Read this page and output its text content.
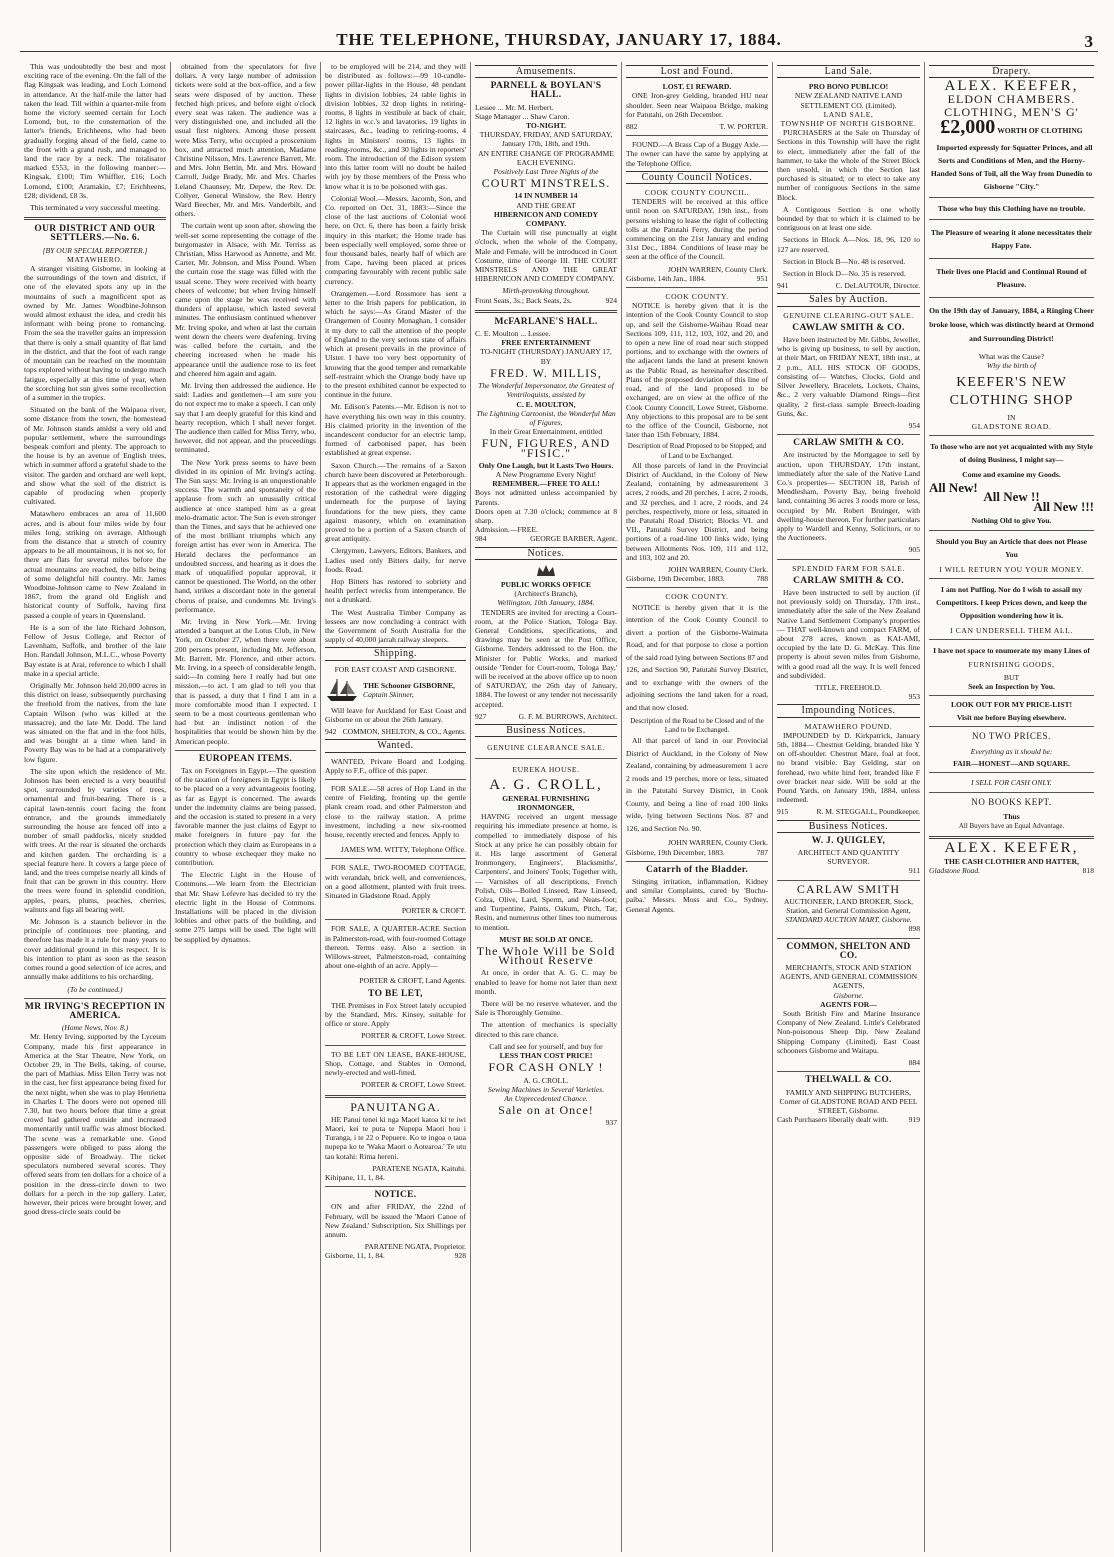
THE TELEPHONE, THURSDAY, JANUARY 17, 1884.	3

This was undoubtedly the best and most exciting race of the evening. On the fall of the flag Kingsak was leading, and Loch Lomond in attendance. At the half-mile the latter had taken the lead. Till within a quarter-mile from home the victory seemed certain for Loch Lomond, but, to the consternation of the latter's friends, Erichheens, who had been gradually forging ahead of the field, came to the front with a grand rush, and managed to land the race by a neck. The totalisator marked £553, in the following manner:—Kingsak, £100; Tim Whiffler, £16; Loch Lomond, £100; Aramakin, £7; Erichheens, £28; dividend, £8 3s.

This terminated a very successful meeting.

OUR DISTRICT AND OUR SETTLERS.—No. 6.
[BY OUR SPECIAL REPORTER.]
MATAWHERO.

A stranger visiting Gisborne, in looking at the surroundings of the town and district, if one of the elevated spots any up in the mountains of such a magnificent spot as owned by Mr. James Woodbine-Johnson would almost exhaust the idea, and credit his informant with being prone to romancing. From the sea the traveller gains an impression that there is only a small quantity of flat land in the district, and that the foot of each range of mountain can be reached on the mountain tops explored without having to undergo much fatigue, especially at this time of year, when the scorching hot sun gives some recollection of a summer in the tropics.

Situated on the bank of the Waipaoa river, some distance from the town, the homestead of Mr. Johnson stands amidst a very old and popular settlement, where the surroundings bespeak comfort and plenty. The approach to the house is by an avenue of English trees, which in summer afford a grateful shade to the visitor. The garden and orchard are well kept, and show what the soil of the district is capable of producing when properly cultivated.

Matawhero embraces an area of 11,600 acres, and is about four miles wide by four miles long, striking on average. Although from the distance that a stretch of country appears to be all mountainous, it is not so, for there are flats for several miles before the actual mountains are reached, the hills being of some delightful hill country. Mr. James Woodbine-Johnson came to New Zealand in 1867, from the grand old English and historical county of Suffolk, having first passed a couple of years in Queensland.

He is a son of the late Richard Johnson, Fellow of Jesus College, and Rector of Lavenham, Suffolk, and brother of the late Hon. Randall Johnson, M.L.C., whose Poverty Bay estate is at Arai, reference to which I shall make in a special article.

Originally Mr. Johnson held 20,000 acres in this district on lease, subsequently purchasing the freehold from the natives, from the late Captain Wilson (who was killed at the massacre), and the late Mr. Dodd. The land was situated on the flat and in the foot hills, and was bought at a time when land in Poverty Bay was to be had at a comparatively low figure.

The site upon which the residence of Mr. Johnson has been erected is a very beautiful spot, surrounded by varieties of trees, ornamental and fruit-bearing. There is a capital lawn-tennis court facing the front entrance, and the grounds immediately surrounding the house are fenced off into a number of small paddocks, nicely studded with trees. At the rear is situated the orchards and kitchen garden. The orcharding is a special feature here. It covers a large piece of land, and the trees comprise nearly all kinds of fruit that can be grown in this country. Here the trees were found in splendid condition, apples, pears, plums, peaches, cherries, walnuts and figs all bearing well.

Mr. Johnson is a staunch believer in the principle of continuous tree planting, and therefore has made it a rule for many years to cover additional ground in this respect. It is his intention to plant as soon as the season comes round a good selection of ice acres, and annually make additions to his orcharding.

(To be continued.)
MR IRVING'S RECEPTION IN AMERICA.
(Home News, Nov. 8.)

Mr. Henry Irving, supported by the Lyceum Company, made his first appearance in America at the Star Theatre, New York, on October 29, in The Bells, taking, of course, the part of Mathias. Miss Ellen Terry was not in the cast, her first appearance being fixed for the next night, when she was to play Henrietta in Charles I. The doors were not opened till 7.30, but two hours before that time a great crowd had gathered outside and increased momentarily until traffic was almost blocked. The scene was a remarkable one. Good passengers were obliged to pass along the opposite side of Broadway. The ticket speculators numbered several scores. They offered seats from ten dollars for a choice of a position in the dress-circle down to two dollars for a perch in the top gallery. Later, however, their prices were brought lower, and good dress-circle seats could be

obtained from the speculators for five dollars. A very large number of admission tickets were sold at the box-office, and a few seats were disposed of by auction. These fetched high prices, and before eight o'clock every seat was taken. The audience was a very distinguished one, and included all the usual first nighters. Among those present were Miss Terry, who occupied a proscenium box, and attracted much attention, Madame Christine Nilsson, Mrs. Lawrence Barrett, Mr. and Mrs. John Bettin, Mr. and Mrs. Howard Carroll, Judge Brady, Mr. and Mrs. Charles Leland Chaunsey, Mr. Depew, the Rev. Dr. Collyer, General Winslow, the Rev. Henry Ward Beecher, Mr. and Mrs. Vanderbilt, and others.

The curtain went up soon after, showing the well-set scene representing the cottage of the burgomaster in Alsace, with Mr. Terriss as Christian, Miss Harwood as Annette, and Mr. Carter, Mr. Johnson, and Miss Pound. When the curtain rose the stage was filled with the usual scene. They were received with hearty cheers of welcome; but when Irving himself came upon the stage he was received with thunders of applause, which lasted several minutes. The enthusiasm continued whenever Mr. Irving spoke, and when at last the curtain went down the cheers were deafening. Irving was called before the curtain, and the cheering increased when he made his appearance until the audience rose to its feet and cheered him again and again.

Mr. Irving then addressed the audience. He said: Ladies and gentlemen—I am sure you do not expect me to make a speech. I can only say that I am deeply grateful for this kind and hearty reception, which I shall never forget. The audience then called for Miss Terry, who, however, did not appear, and the proceedings terminated.

The New York press seems to have been divided in its opinion of Mr. Irving's acting. The Sun says: Mr. Irving is an unquestionable success. The warmth and spontaneity of the applause from such an unusually critical audience at once stamped him as a great melo-dramatic actor. The Sun is even stronger than the Times, and says that he achieved one of the most brilliant triumphs which any foreign artist has ever won in America. The Herald declares the performance an undoubted success, and hearing as it does the mark of unqualified popular approval, it cannot be questioned. The World, on the other hand, strikes a discordant note in the general chorus of praise, and condemns Mr. Irving's performance.

Mr. Irving in New York.—Mr. Irving attended a banquet at the Lotus Club, in New York, on October 27, when there were about 200 persons present, including Mr. Jefferson, Mr. Barrett, Mr. Florence, and other actors. Mr. Irving, in a speech of considerable length, said:—In coming here I really had but one mission,—to act. I am glad to tell you that that is passed, a duty that I find I am in a more comfortable mood than I expected. I seem to be a most courteous gentleman who had but an indistinct notion of the hospitalities that would be shown him by the American people.

EUROPEAN ITEMS.

Tax on Foreigners in Egypt.—The question of the taxation of foreigners in Egypt is likely to be placed on a very advantageous footing, as far as Egypt is concerned. The awards under the indemnity claims are being passed, and the occasion is stated to present in a very favorable manner the just claims of Egypt to make foreigners in future pay for the protection which they claim as Europeans in a country to whose exchequer they make no contribution.

The Electric Light in the House of Commons.—We learn from the Electrician that Mr. Shaw Lefevre has decided to try the electric light in the House of Commons. Installations will be placed in the division lobbies and other parts of the building, and some 275 lamps will be used. The light will be supplied by dynamos.

to be employed will be 214, and they will be distributed as follows:—99 10-candle-power pillar-lights in the House, 48 pendant lights in division lobbies, 24 table lights in division lobbies, 32 drop lights in retiring-rooms, 8 lights in vestibule at back of chair, 12 lights in w.c.'s and lavatories, 19 lights in staircases, &c., leading to retiring-rooms, 4 lights in Ministers' rooms, 13 lights in reading-rooms, &c., and 30 lights in reporters' room. The introduction of the Edison system into this latter room will no doubt be hailed with joy by those members of the Press who know what it is to be poisoned with gas.

Colonial Wool.—Messrs. Jacomb, Son, and Co. reported on Oct. 31, 1883:—Since the close of the last auctions of Colonial wool here, on Oct. 6, there has been a fairly brisk inquiry in this market; the Home trade has been especially well employed, some three or four thousand bales, nearly half of which are from Cape, having been placed at prices comparing favourably with recent public sale currency.

Orangemen.—Lord Rossmore has sent a letter to the Irish papers for publication, in which he says:—As Grand Master of the Orangemen of County Monaghan, I consider it my duty to call the attention of the people of England to the very serious state of affairs which at present prevails in the province of Ulster. I have too very best opportunity of knowing that the good temper and remarkable self-restraint which the Orange body have up to the present exhibited cannot be expected to continue in the future.

Mr. Edison's Patents.—Mr. Edison is not to have everything his own way in this country. His claimed priority in the invention of the incandescent conductor for an electric lamp, formed of carbonised paper, has been established at great expense.

Saxon Church.—The remains of a Saxon church have been discovered at Peterborough. It appears that as the workmen engaged in the restoration of the cathedral were digging underneath for the purpose of laying foundations for the new piers, they came against masonry, which on examination proved to be a portion of a Saxon church of great antiquity.

Clergymen, Lawyers, Editors, Bankers, and Ladies used only Bitters daily, for nerve foods. Read.

Hop Bitters has restored to sobriety and health perfect wrecks from intemperance. Be not a drunkard.

The West Australia Timber Company as lessees are now concluding a contract with the Government of South Australia for the supply of 40,000 jarrah railway sleepers.

Shipping.
FOR EAST COAST AND GISBORNE.
THE Schooner GISBORNE,
Captain Skinner,

Will leave for Auckland for East Coast and Gisborne on or about the 26th January.

942 COMMON, SHELTON, & CO., Agents.
Wanted.

WANTED, Private Board and Lodging. Apply to F.F., office of this paper.

FOR SALE.—58 acres of Hop Land in the centre of Fielding, fronting up the gentle plank cream road, and other Palmerston and close to the railway station. A prime investment, including a new six-roomed house, recently erected and fences. Apply to

JAMES WM. WITTY, Telephone Office.

FOR SALE, TWO-ROOMED COTTAGE, with verandah, brick well, and conveniences, on a good allotment, planted with fruit trees. Situated in Gladstone Road. Apply

PORTER & CROFT.

FOR SALE, A QUARTER-ACRE Section in Palmerston-road, with four-roomed Cottage thereon. Terms easy. Also a section in Willows-street, Palmerston-road, containing about one-eighth of an acre. Apply—

PORTER & CROFT, Land Agents.
TO BE LET,

THE Premises in Fox Street lately occupied by the Standard, Mrs. Kinsey, suitable for office or store. Apply

PORTER & CROFT, Lowe Street.

TO BE LET ON LEASE, BAKE-HOUSE, Shop, Cottage, and Stables in Ormond, newly-erected and well-fitted.

PORTER & CROFT, Lowe Street.
PANUITANGA.

HE Panui tenei ki nga Maori katoa ki te iwi Maori, kei te puta te Nupepa Maori hou i Turanga, i te 22 o Pepuere. Ko te ingoa o taua nupepa ko te 'Waka Maori o Aotearoa.' Te utu tau kotahi: Rima hereni.

PARATENE NGATA, Kaituhi.
Kihipane, 11, 1, 84.
NOTICE.

ON and after FRIDAY, the 22nd of February, will be issued the 'Maori Canoe of New Zealand.' Subscription, Six Shillings per annum.

PARATENE NGATA, Proprietor.
Gisborne, 11, 1, 84.	928
Amusements.
PARNELL & BOYLAN'S HALL.
Lessee ... Mr. M. Herbert.
Stage Manager ... Shaw Caron.
TO-NIGHT.
THURSDAY, FRIDAY, AND SATURDAY, January 17th, 18th, and 19th.
AN ENTIRE CHANGE OF PROGRAMME EACH EVENING.
Positively Last Three Nights of the
COURT MINSTRELS.
14 IN NUMBER 14
AND THE GREAT
HIBERNICON AND COMEDY COMPANY.

The Curtain will rise punctually at eight o'clock, when the whole of the Company, Male and Female, will be introduced in Court Costume, time of George III. THE COURT MINSTRELS AND THE GREAT HIBERNICON AND COMEDY COMPANY.

Mirth-provoking throughout.
Front Seats, 3s.; Back Seats, 2s.	924
McFARLANE'S HALL.
C. E. Moulton ... Lessee.
FREE ENTERTAINMENT
TO-NIGHT (THURSDAY) JANUARY 17,
BY
FRED. W. MILLIS,
The Wonderful Impersonator, the Greatest of Ventriloquists, assisted by
C. E. MOULTON,
The Lightning Cartoonist, the Wonderful Man of Figures,
In their Great Entertainment, entitled
FUN, FIGURES, AND "FISIC."
Only One Laugh, but it Lasts Two Hours.
A New Programme Every Night!
REMEMBER.—FREE TO ALL!
Boys not admitted unless accompanied by Parents.
Doors open at 7.30 o'clock; commence at 8 sharp.
Admission.—FREE.
984	GEORGE BARBER, Agent.
Notices.
PUBLIC WORKS OFFICE
(Architect's Branch),
Wellington, 10th January, 1884.

TENDERS are invited for erecting a Court-room, at the Police Station, Tologa Bay. General Conditions, specifications, and drawings may be seen at the Post Office, Gisborne. Tenders addressed to the Hon. the Minister for Public Works, and marked outside 'Tender for Court-room, Tologa Bay,' will be received at the above office up to noon of SATURDAY, the 26th day of January, 1884. The lowest or any tender not necessarily accepted.

927	G. F. M. BURROWS, Architect.
Business Notices.
GENUINE CLEARANCE SALE.
EUREKA HOUSE.
A. G. CROLL,
GENERAL FURNISHING IRONMONGER,

HAVING received an urgent message requiring his immediate presence at home, is compelled to immediately dispose of his Stock at any price he can possibly obtain for it. His large assortment of General Ironmongery, Engineers', Blacksmiths', Carpenters', and Joiners' Tools; Together with,— Varnishes of all descriptions, French Polish, Oils—Boiled Linseed, Raw Linseed, Colza, Olive, Lard, Sperm, and Neats-foot; and Turpentine, Paints, Oakum, Pitch, Tar, Resin, and numerous other lines too numerous to mention.

MUST BE SOLD AT ONCE.
The Whole Will be Sold Without Reserve

At once, in order that A. G. C. may be enabled to leave for home not later than next month.

There will be no reserve whatever, and the Sale is Thoroughly Genuine.

The attention of mechanics is specially directed to this rare chance.

Call and see for yourself, and buy for
LESS THAN COST PRICE!
FOR CASH ONLY !
A. G. CROLL.
Sewing Machines in Several Varieties.
An Unprecedented Chance.
Sale on at Once!
937
Lost and Found.
LOST. £1 REWARD.

ONE Iron-grey Gelding, branded HU near shoulder. Seen near Waipaoa Bridge, making for Patutahi, on 26th December.

882	T. W. PORTER.

FOUND.—A Brass Cap of a Buggy Axle.—The owner can have the same by applying at the Telephone Office.

County Council Notices.
COOK COUNTY COUNCIL.

TENDERS will be received at this office until noon on SATURDAY, 19th inst., from persons wishing to lease the right of collecting tolls at the Patutahi Ferry, during the period commencing on the 21st January and ending 31st Dec., 1884. Conditions of lease may be seen at the office of the Council.

JOHN WARREN, County Clerk.
Gisborne, 14th Jan., 1884.	951
COOK COUNTY.

NOTICE is hereby given that it is the intention of the Cook County Council to stop up, and sell the Gisborne-Waihau Road near Sections 109, 111, 112, 103, 102, and 20, and to open a new line of road near such stopped portions, and to exchange with the owners of the adjacent lands the land at present known as the Public Road, as hereinafter described. Plans of the proposed deviation of this line of road, and of the land proposed to be exchanged, are on view at the office of the Cook County Council, Lowe Street, Gisborne. Any objections to this proposal are to be sent to the office of the Council, Gisborne, not later than 15th February, 1884.

Description of Road Proposed to be Stopped, and of Land to be Exchanged.

All those parcels of land in the Provincial District of Auckland, in the Colony of New Zealand, containing by admeasurement 3 acres, 2 roods, and 20 perches, 1 acre, 2 roods, and 32 perches, and 1 acre, 2 roods, and 24 perches, respectively, more or less, situated in the Patutahi Road District; Blocks VI. and VII., Patutahi Survey District, and being portions of a road-line 100 links wide, lying between Allotments Nos. 109, 111 and 112, and 103, 102 and 20.

JOHN WARREN, County Clerk.
Gisborne, 19th December, 1883.	788
COOK COUNTY.

NOTICE is hereby given that it is the intention of the Cook County Council to divert a portion of the Gisborne-Waimata Road, and for that purpose to close a portion of the said road lying between Sections 87 and 126, and Section 90, Patutahi Survey District, and to exchange with the owners of the adjoining sections the land taken for a road, and that now closed.

Description of the Road to be Closed and of the Land to be Exchanged.

All that parcel of land in our Provincial District of Auckland, in the Colony of New Zealand, containing by admeasurement 1 acre 2 roods and 19 perches, more or less, situated in the Patutahi Survey District, in Cook County, and being a line of road 100 links wide, lying between Sections Nos. 87 and 126, and Section No. 90.

JOHN WARREN, County Clerk.
Gisborne, 19th December, 1883.	787
Catarrh of the Bladder.

Stinging irritation, inflammation, Kidney and similar Complaints, cured by 'Buchu-paiba.' Messrs. Moss and Co., Sydney, General Agents.

Land Sale.
PRO BONO PUBLICO!
NEW ZEALAND NATIVE LAND SETTLEMENT CO. (Limited).
LAND SALE,
TOWNSHIP OF NORTH GISBORNE.

PURCHASERS at the Sale on Thursday of Sections in this Township will have the right to elect, immediately after the fall of the hammer, to take the whole of the Street Block then unsold, in which the Section last purchased is situated; or to elect to take any number of contiguous Sections in the same Block.

A Contiguous Section is one wholly bounded by that to which it is claimed to be contiguous on at least one side.

Sections in Block A—Nos. 18, 96, 120 to 127 are reserved.

Section in Block B—No. 48 is reserved.

Section in Block D—No. 35 is reserved.

941	C. DeLAUTOUR, Director.
Sales by Auction.
GENUINE CLEARING-OUT SALE.
CAWLAW SMITH & CO.

Have been instructed by Mr. Gibbs, Jeweller, who is giving up business, to sell by auction, at their Mart, on FRIDAY NEXT, 18th inst., at 2 p.m., ALL HIS STOCK OF GOODS, consisting of— Watches, Clocks, Gold and Silver Jewellery, Bracelets, Lockets, Chains, &c., 2 very valuable Diamond Rings—first quality, 2 first-class sample Breech-loading Guns, &c.

954
CARLAW SMITH & CO.

Are instructed by the Mortgagee to sell by auction, upon THURSDAY, 17th instant, immediately after the sale of the Native Land Co.'s properties— SECTION 18, Parish of Mendlesham, Poverty Bay, being freehold land, containing 36 acres 3 roods more or less, occupied by Mr. Robert Bruinger, with dwelling-house thereon. For further particulars apply to Wardell and Kenny, Solicitors, or to the Auctioneers.

905
SPLENDID FARM FOR SALE.
CARLAW SMITH & CO.

Have been instructed to sell by auction (if not previously sold) on Thursday, 17th inst., immediately after the sale of the New Zealand Native Land Settlement Company's properties— THAT well-known and compact FARM, of about 278 acres, known as KAI-AMI, occupied by the late D. G. McKay. This fine property is about seven miles from Gisborne, with a good road all the way. It is well fenced and subdivided.

TITLE, FREEHOLD.
953
Impounding Notices.
MATAWHERO POUND.

IMPOUNDED by D. Kirkpatrick, January 5th, 1884— Chestnut Gelding, branded like Y on off-shoulder. Chestnut Mare, foal at foot, no brand visible. Bay Gelding, star on forehead, two white hind feet, branded like F over bracket near side. Will be sold at the Pound Yards, on January 19th, 1884, unless redeemed.

915	R. M. STEGGALL, Poundkeeper.
Business Notices.
W. J. QUIGLEY,
ARCHITECT AND QUANTITY SURVEYOR.
911
CARLAW SMITH
AUCTIONEER, LAND BROKER, Stock, Station, and General Commission Agent,
STANDARD AUCTION MART, Gisborne.
898
COMMON, SHELTON AND CO.
MERCHANTS, STOCK AND STATION AGENTS, AND GENERAL COMMISSION AGENTS,
Gisborne.
AGENTS FOR—

South British Fire and Marine Insurance Company of New Zealand. Little's Celebrated Non-poisonous Sheep Dip. New Zealand Shipping Company (Limited). East Coast schooners Gisborne and Waitapu.

884
THELWALL & CO.
FAMILY AND SHIPPING BUTCHERS,
Corner of GLADSTONE ROAD AND PEEL STREET, Gisborne.
Cash Purchasers liberally dealt with.	919
Drapery.
ALEX. KEEFER,
ELDON CHAMBERS.
CLOTHING, MEN'S G'
£2,000 WORTH OF CLOTHING

Imported expressly for Squatter Princes, and all Sorts and Conditions of Men, and the Horny-Handed Sons of Toil, all the Way from Dunedin to Gisborne "City."

Those who buy this Clothing have no trouble.
The Pleasure of wearing it alone necessitates their Happy Fate.
Their lives one Placid and Continual Round of Pleasure.
On the 19th day of January, 1884, a Ringing Cheer broke loose, which was distinctly heard at Ormond and Surrounding District!
What was the Cause?
Why the birth of
KEEFER'S NEW CLOTHING SHOP
IN
GLADSTONE ROAD.
To those who are not yet acquainted with my Style of doing Business, I might say—
Come and examine my Goods.
All New!
All New !!
All New !!!
Nothing Old to give You.
Should you Buy an Article that does not Please You
I WILL RETURN YOU YOUR MONEY.
I am not Puffing. Nor do I wish to assail my Competitors. I keep Prices down, and keep the Opposition wondering how it is.
I CAN UNDERSELL THEM ALL.
I have not space to enumerate my many Lines of
FURNISHING GOODS,
BUT
Seek an Inspection by You.
LOOK OUT FOR MY PRICE-LIST!
Visit me before Buying elsewhere.
NO TWO PRICES.
Everything as it should be:
FAIR—HONEST—AND SQUARE.
I SELL FOR CASH ONLY.
NO BOOKS KEPT.
Thus
All Buyers have an Equal Advantage.
ALEX. KEEFER,
THE CASH CLOTHIER AND HATTER,
Gladstone Road.	818
